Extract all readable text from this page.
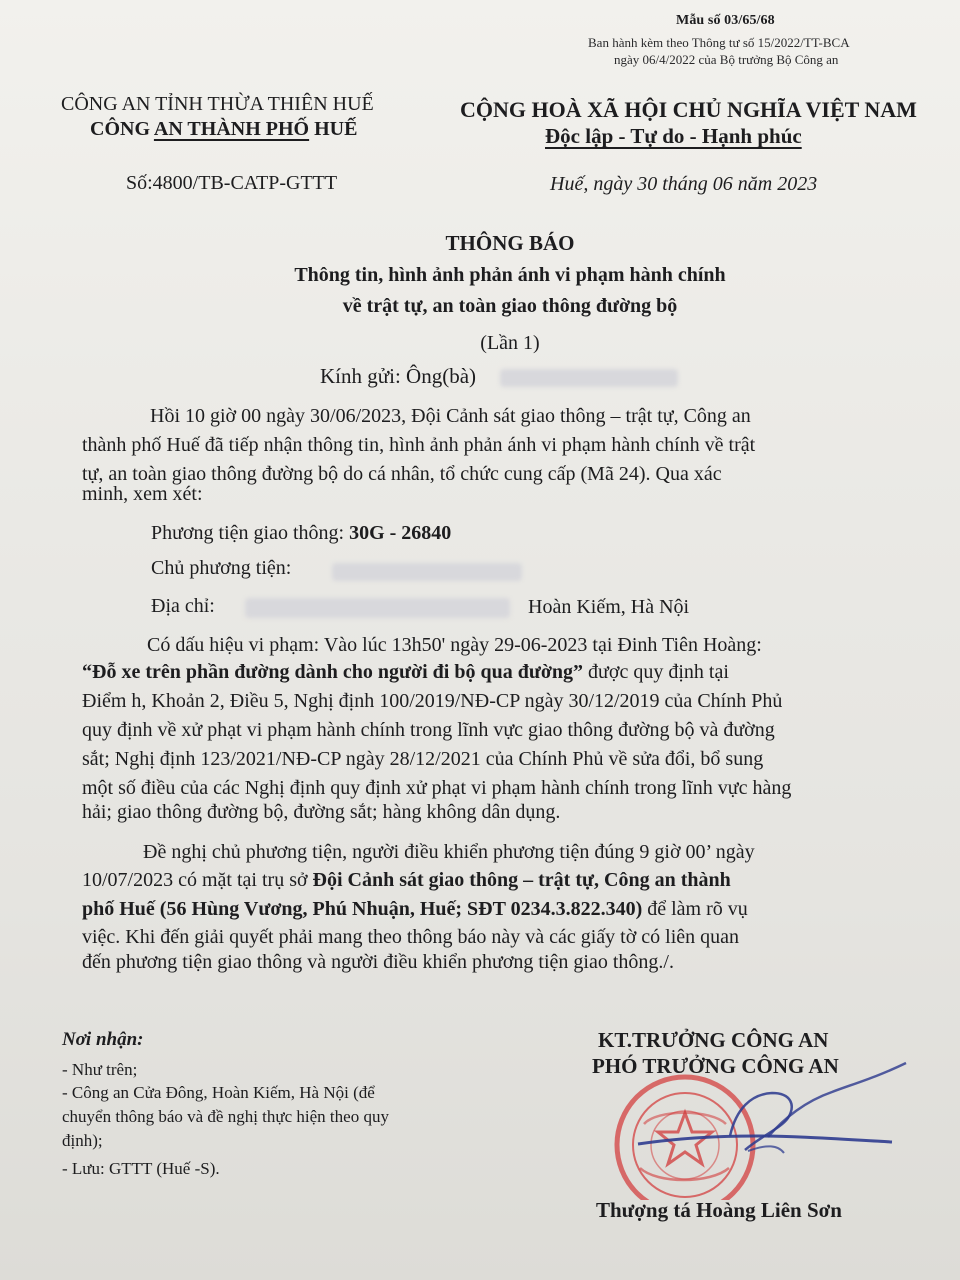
Mẫu số 03/65/68
Ban hành kèm theo Thông tư số 15/2022/TT-BCA
ngày 06/4/2022 của Bộ trưởng Bộ Công an
CÔNG AN TỈNH THỪA THIÊN HUẾ
CÔNG AN THÀNH PHỐ HUẾ
CỘNG HOÀ XÃ HỘI CHỦ NGHĨA VIỆT NAM
Độc lập - Tự do - Hạnh phúc
Số:4800/TB-CATP-GTTT	Huế, ngày 30 tháng 06 năm 2023
THÔNG BÁO
Thông tin, hình ảnh phản ánh vi phạm hành chính
về trật tự, an toàn giao thông đường bộ
(Lần 1)
Kính gửi: Ông(bà)
Hồi 10 giờ 00 ngày 30/06/2023, Đội Cảnh sát giao thông – trật tự, Công an
thành phố Huế đã tiếp nhận thông tin, hình ảnh phản ánh vi phạm hành chính về trật
tự, an toàn giao thông đường bộ do cá nhân, tổ chức cung cấp (Mã 24). Qua xác
minh, xem xét:
Phương tiện giao thông: 30G - 26840
Chủ phương tiện:
Địa chỉ:	Hoàn Kiếm, Hà Nội
Có dấu hiệu vi phạm: Vào lúc 13h50' ngày 29-06-2023 tại Đinh Tiên Hoàng:
“Đỗ xe trên phần đường dành cho người đi bộ qua đường” được quy định tại
Điểm h, Khoản 2, Điều 5, Nghị định 100/2019/NĐ-CP ngày 30/12/2019 của Chính Phủ
quy định về xử phạt vi phạm hành chính trong lĩnh vực giao thông đường bộ và đường
sắt; Nghị định 123/2021/NĐ-CP ngày 28/12/2021 của Chính Phủ về sửa đổi, bổ sung
một số điều của các Nghị định quy định xử phạt vi phạm hành chính trong lĩnh vực hàng
hải; giao thông đường bộ, đường sắt; hàng không dân dụng.
Đề nghị chủ phương tiện, người điều khiển phương tiện đúng 9 giờ 00’ ngày
10/07/2023 có mặt tại trụ sở Đội Cảnh sát giao thông – trật tự, Công an thành
phố Huế (56 Hùng Vương, Phú Nhuận, Huế; SĐT 0234.3.822.340) để làm rõ vụ
việc. Khi đến giải quyết phải mang theo thông báo này và các giấy tờ có liên quan
đến phương tiện giao thông và người điều khiển phương tiện giao thông./.
Nơi nhận:
- Như trên;
- Công an Cửa Đông, Hoàn Kiếm, Hà Nội (để
chuyển thông báo và đề nghị thực hiện theo quy
định);
- Lưu: GTTT (Huế -S).
KT.TRƯỞNG CÔNG AN
PHÓ TRƯỞNG CÔNG AN
Thượng tá Hoàng Liên Sơn
